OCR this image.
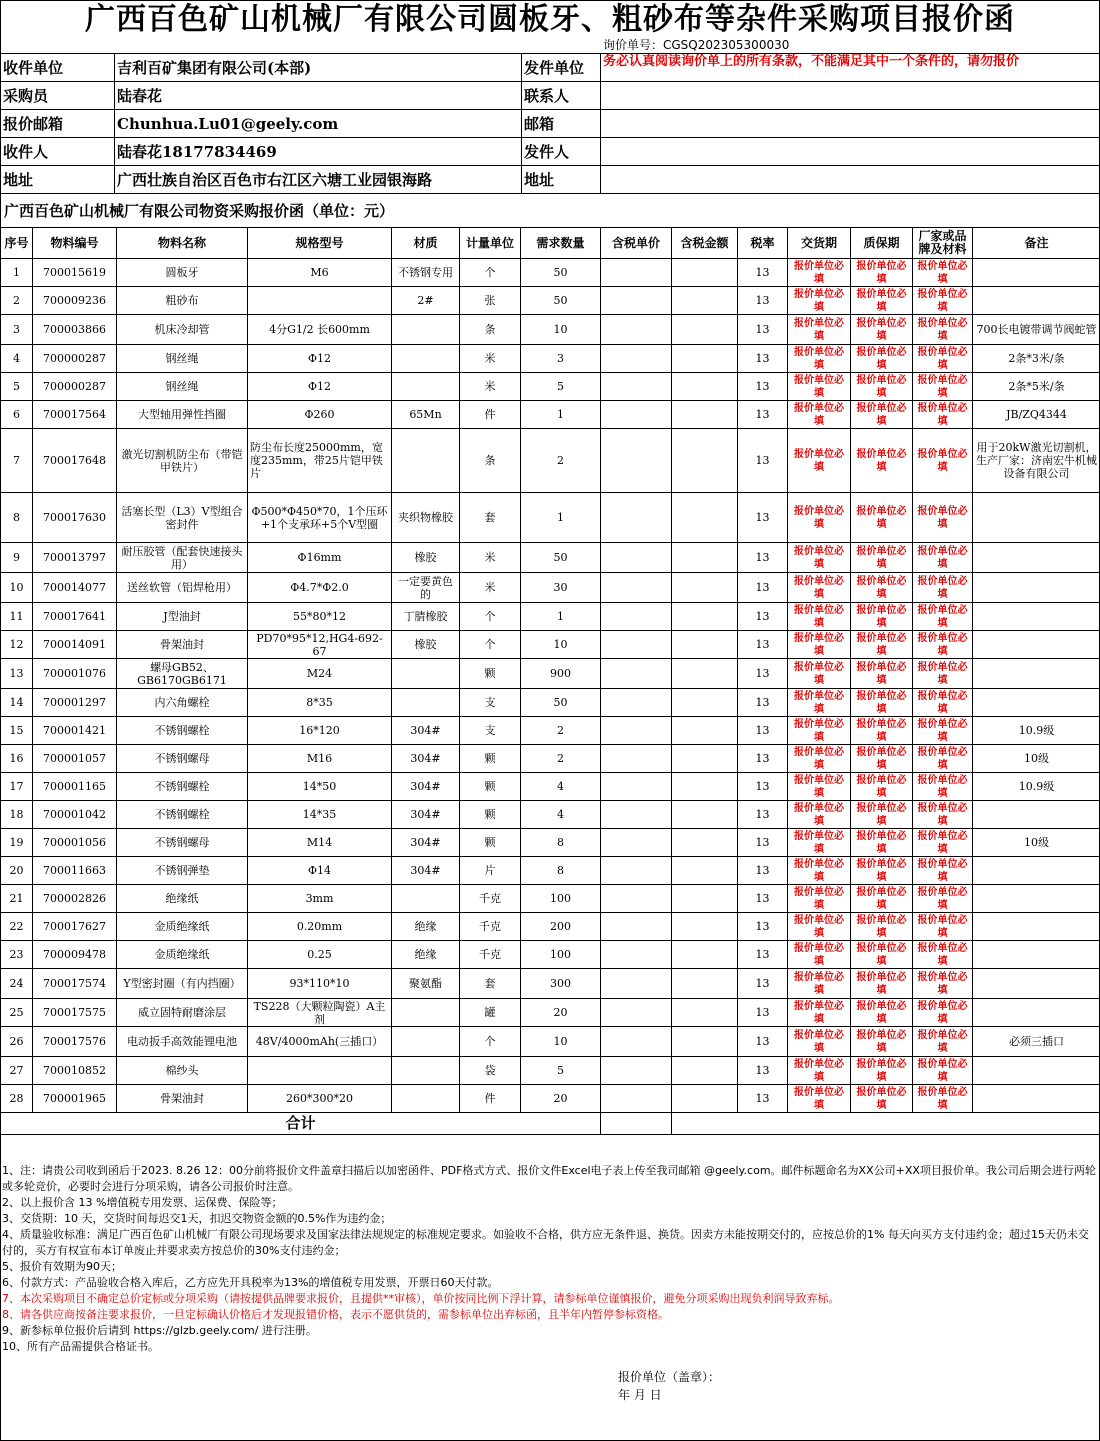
广西百色矿山机械厂有限公司圆板牙、粗砂布等杂件采购项目报价函
询价单号：CGSQ202305300030
收件单位	吉利百矿集团有限公司(本部)	发件单位	务必认真阅读询价单上的所有条款，不能满足其中一个条件的，请勿报价
采购员	陆春花	联系人	
报价邮箱	Chunhua.Lu01@geely.com	邮箱	
收件人	陆春花18177834469	发件人	
地址	广西壮族自治区百色市右江区六塘工业园银海路	地址	
广西百色矿山机械厂有限公司物资采购报价函（单位：元）
序号	物料编号	物料名称	规格型号	材质	计量单位	需求数量	含税单价	含税金额	税率	交货期	质保期	厂家或品牌及材料	备注
1	700015619	圆板牙	M6	不锈钢专用	个	50			13	报价单位必填	报价单位必填	报价单位必填	
2	700009236	粗砂布		2#	张	50			13	报价单位必填	报价单位必填	报价单位必填	
3	700003866	机床冷却管	4分G1/2 长600mm		条	10			13	报价单位必填	报价单位必填	报价单位必填	700长电镀带调节阀蛇管
4	700000287	钢丝绳	Φ12		米	3			13	报价单位必填	报价单位必填	报价单位必填	2条*3米/条
5	700000287	钢丝绳	Φ12		米	5			13	报价单位必填	报价单位必填	报价单位必填	2条*5米/条
6	700017564	大型轴用弹性挡圈	Φ260	65Mn	件	1			13	报价单位必填	报价单位必填	报价单位必填	JB/ZQ4344
7	700017648	激光切割机防尘布（带铠甲铁片）	防尘布长度25000mm，宽度235mm，带25片铠甲铁片		条	2			13	报价单位必填	报价单位必填	报价单位必填	用于20kW激光切割机，生产厂家：济南宏牛机械设备有限公司
8	700017630	活塞长型（L3）V型组合密封件	Φ500*Φ450*70，1个压环+1个支承环+5个V型圈	夹织物橡胶	套	1			13	报价单位必填	报价单位必填	报价单位必填	
9	700013797	耐压胶管（配套快速接头用）	Φ16mm	橡胶	米	50			13	报价单位必填	报价单位必填	报价单位必填	
10	700014077	送丝软管（铝焊枪用）	Φ4.7*Φ2.0	一定要黄色的	米	30			13	报价单位必填	报价单位必填	报价单位必填	
11	700017641	J型油封	55*80*12	丁腈橡胶	个	1			13	报价单位必填	报价单位必填	报价单位必填	
12	700014091	骨架油封	PD70*95*12,HG4-692-67	橡胶	个	10			13	报价单位必填	报价单位必填	报价单位必填	
13	700001076	螺母GB52、GB6170GB6171	M24		颗	900			13	报价单位必填	报价单位必填	报价单位必填	
14	700001297	内六角螺栓	8*35		支	50			13	报价单位必填	报价单位必填	报价单位必填	
15	700001421	不锈钢螺栓	16*120	304#	支	2			13	报价单位必填	报价单位必填	报价单位必填	10.9级
16	700001057	不锈钢螺母	M16	304#	颗	2			13	报价单位必填	报价单位必填	报价单位必填	10级
17	700001165	不锈钢螺栓	14*50	304#	颗	4			13	报价单位必填	报价单位必填	报价单位必填	10.9级
18	700001042	不锈钢螺栓	14*35	304#	颗	4			13	报价单位必填	报价单位必填	报价单位必填	
19	700001056	不锈钢螺母	M14	304#	颗	8			13	报价单位必填	报价单位必填	报价单位必填	10级
20	700011663	不锈钢弹垫	Φ14	304#	片	8			13	报价单位必填	报价单位必填	报价单位必填	
21	700002826	绝缘纸	3mm		千克	100			13	报价单位必填	报价单位必填	报价单位必填	
22	700017627	金质绝缘纸	0.20mm	绝缘	千克	200			13	报价单位必填	报价单位必填	报价单位必填	
23	700009478	金质绝缘纸	0.25	绝缘	千克	100			13	报价单位必填	报价单位必填	报价单位必填	
24	700017574	Y型密封圈（有内挡圈）	93*110*10	聚氨酯	套	300			13	报价单位必填	报价单位必填	报价单位必填	
25	700017575	威立固特耐磨涂层	TS228（大颗粒陶瓷）A主剂		罐	20			13	报价单位必填	报价单位必填	报价单位必填	
26	700017576	电动扳手高效能锂电池	48V/4000mAh(三插口）		个	10			13	报价单位必填	报价单位必填	报价单位必填	必须三插口
27	700010852	棉纱头			袋	5			13	报价单位必填	报价单位必填	报价单位必填	
28	700001965	骨架油封	260*300*20		件	20			13	报价单位必填	报价单位必填	报价单位必填	
合计													
1、注：请贵公司收到函后于2023. 8.26 12：00分前将报价文件盖章扫描后以加密函件、PDF格式方式、报价文件Excel电子表上传至我司邮箱 @geely.com。邮件标题命名为XX公司+XX项目报价单。我公司后期会进行两轮或多轮竞价，必要时会进行分项采购，请各公司报价时注意。
2、以上报价含 13 %增值税专用发票、运保费、保险等；
3、交货期：10 天，交货时间每迟交1天，扣迟交物资金额的0.5%作为违约金；
4、质量验收标准：满足广西百色矿山机械厂有限公司现场要求及国家法律法规规定的标准规定要求。如验收不合格，供方应无条件退、换货。因卖方未能按期交付的，应按总价的1% 每天向买方支付违约金；超过15天仍未交付的，买方有权宣布本订单废止并要求卖方按总价的30%支付违约金；
5、报价有效期为90天；
6、付款方式：产品验收合格入库后，乙方应先开具税率为13%的增值税专用发票，开票日60天付款。
7、本次采购项目不确定总价定标或分项采购（请按提供品牌要求报价，且提供**审核），单价按同比例下浮计算，请参标单位谨慎报价，避免分项采购出现负利润导致弃标。
8、请各供应商按备注要求报价，一旦定标确认价格后才发现报错价格，表示不愿供货的，需参标单位出弃标函，且半年内暂停参标资格。
9、新参标单位报价后请到 https://glzb.geely.com/ 进行注册。
10、所有产品需提供合格证书。
报价单位（盖章）：
年 月 日
